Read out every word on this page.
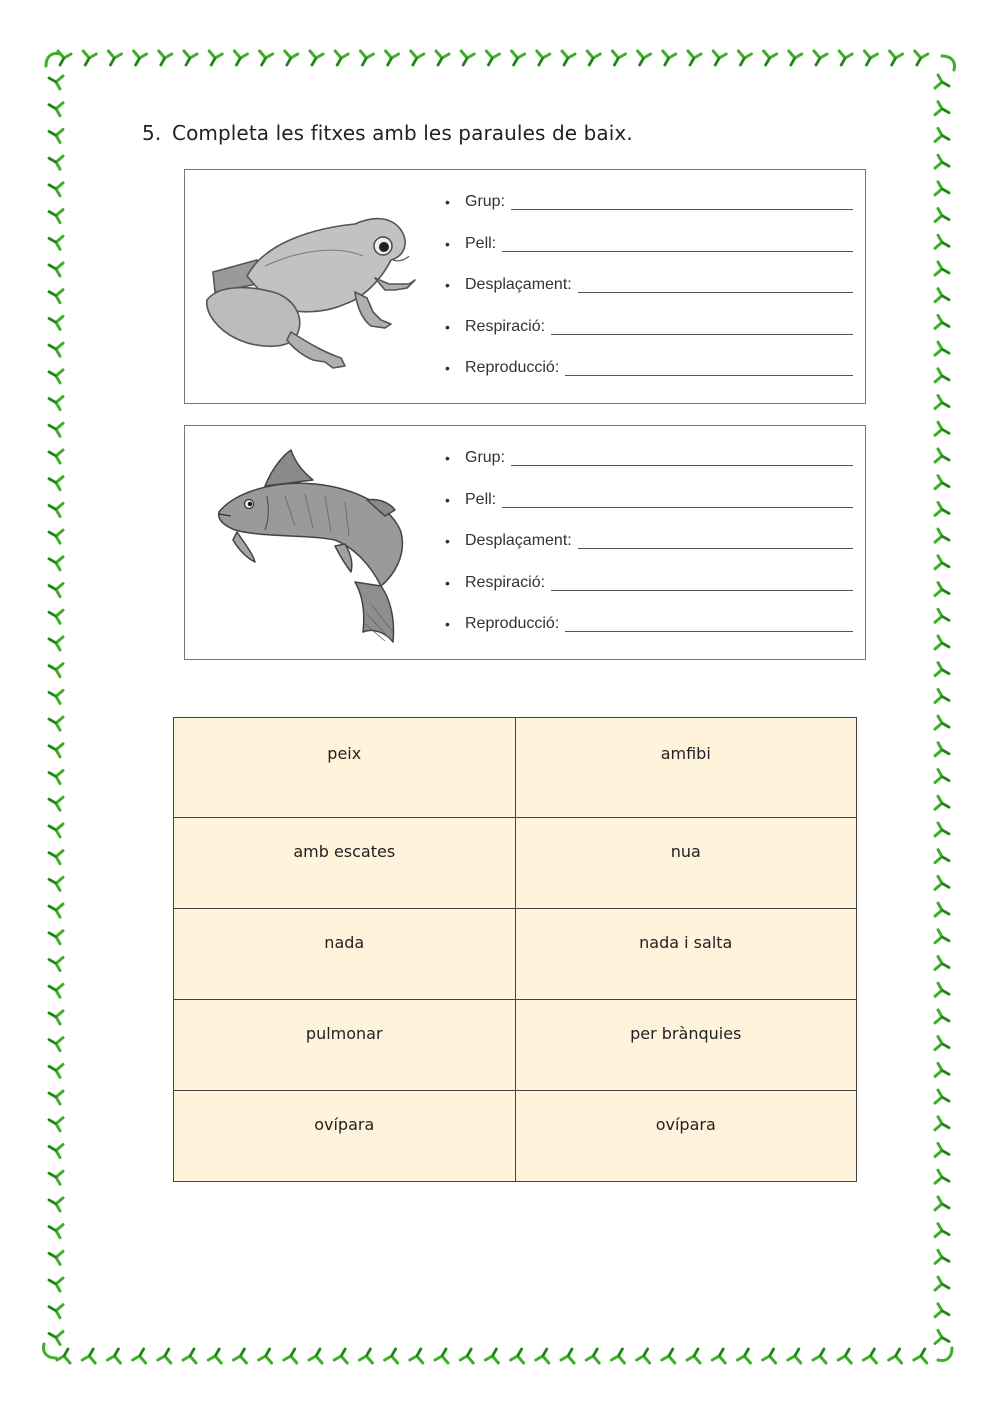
5. Completa les fitxes amb les paraules de baix.
• Grup:
• Pell:
• Desplaçament:
• Respiració:
• Reproducció:
• Grup:
• Pell:
• Desplaçament:
• Respiració:
• Reproducció:
peix	amfibi
amb escates	nua
nada	nada i salta
pulmonar	per brànquies
ovípara	ovípara
